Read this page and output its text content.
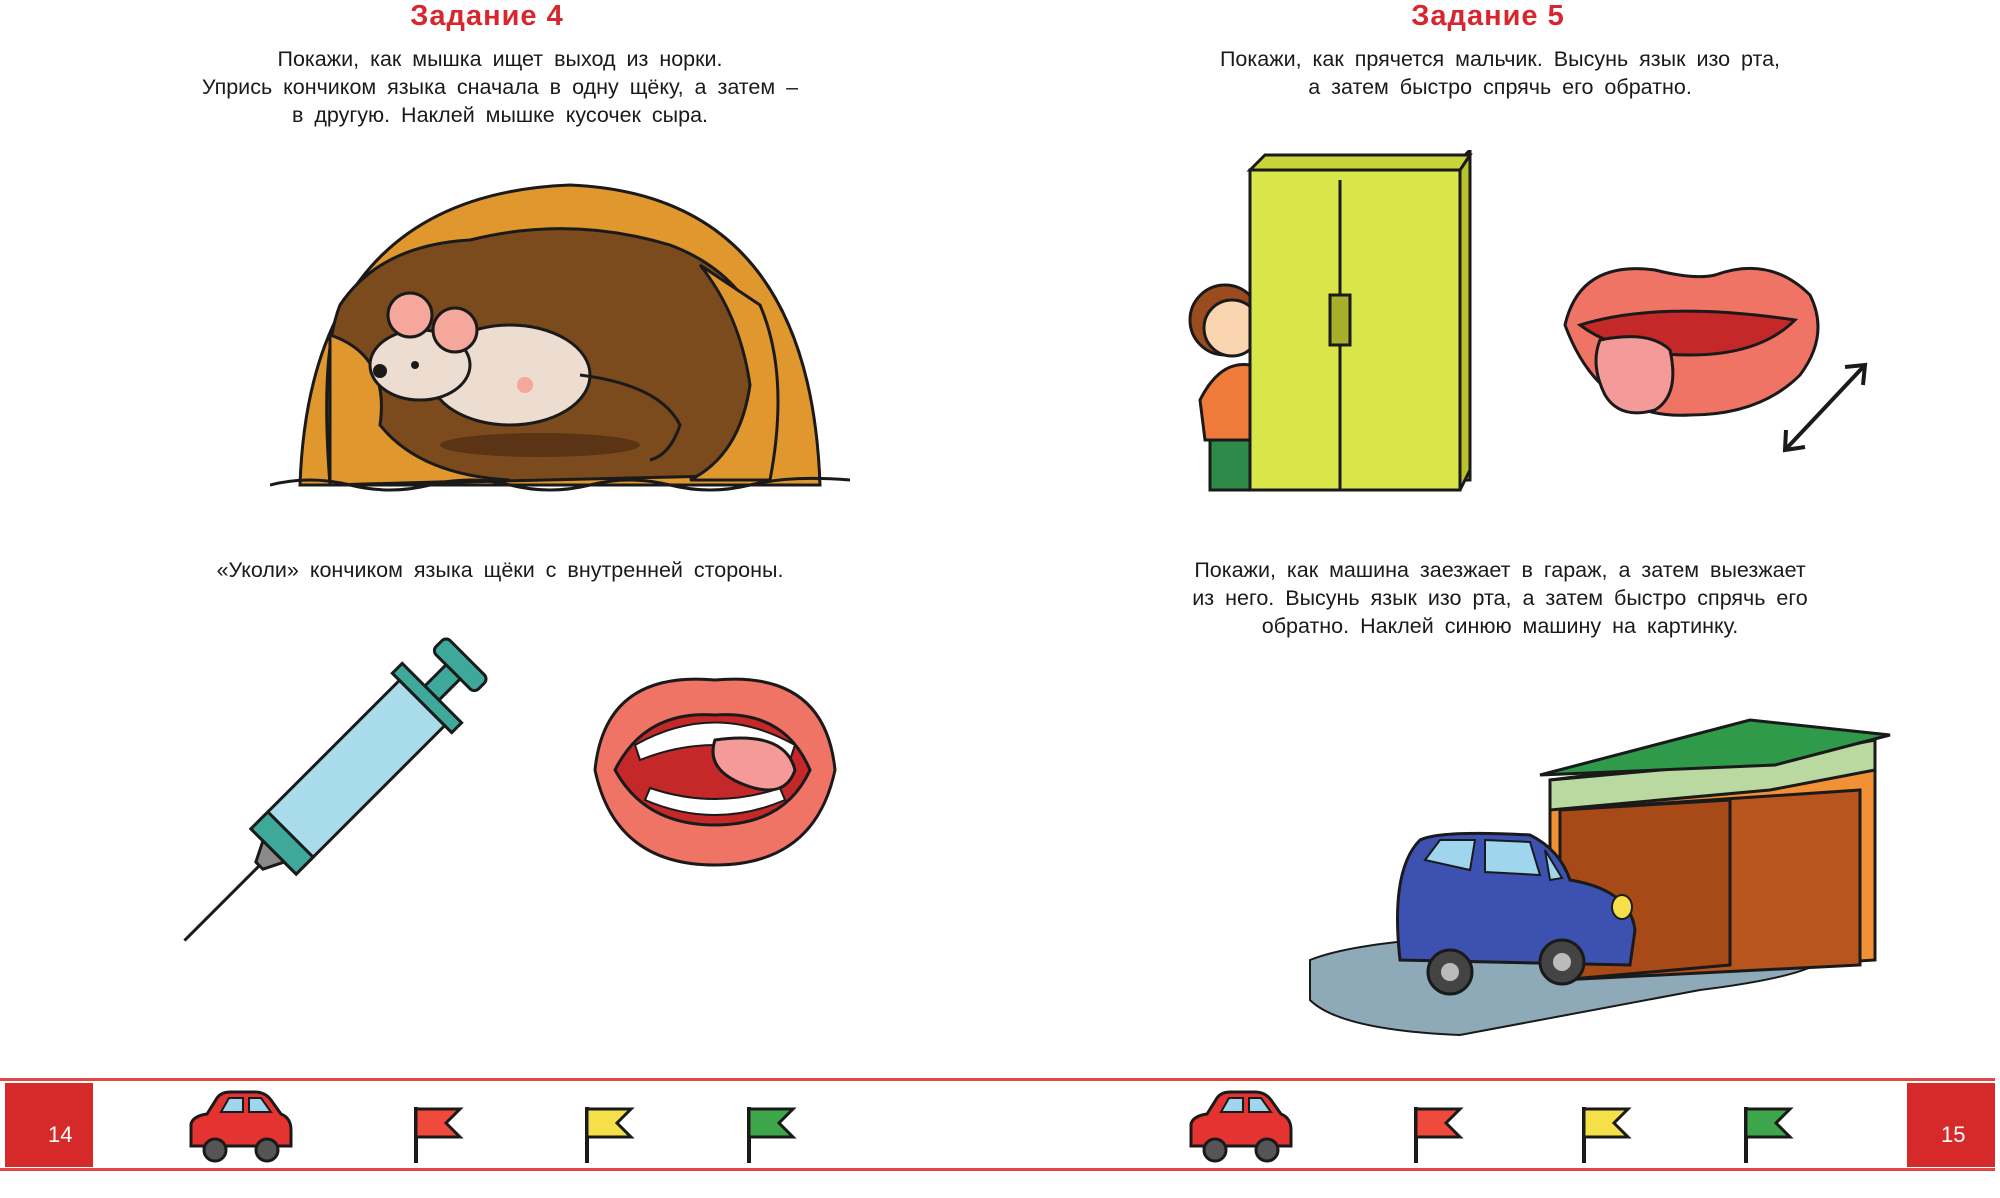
Задание 4
Покажи, как мышка ищет выход из норки.
Упрись кончиком языка сначала в одну щёку, а затем –
в другую. Наклей мышке кусочек сыра.
«Уколи» кончиком языка щёки с внутренней стороны.
14
Задание 5
Покажи, как прячется мальчик. Высунь язык изо рта,
а затем быстро спрячь его обратно.
Покажи, как машина заезжает в гараж, а затем выезжает
из него. Высунь язык изо рта, а затем быстро спрячь его
обратно. Наклей синюю машину на картинку.
15
